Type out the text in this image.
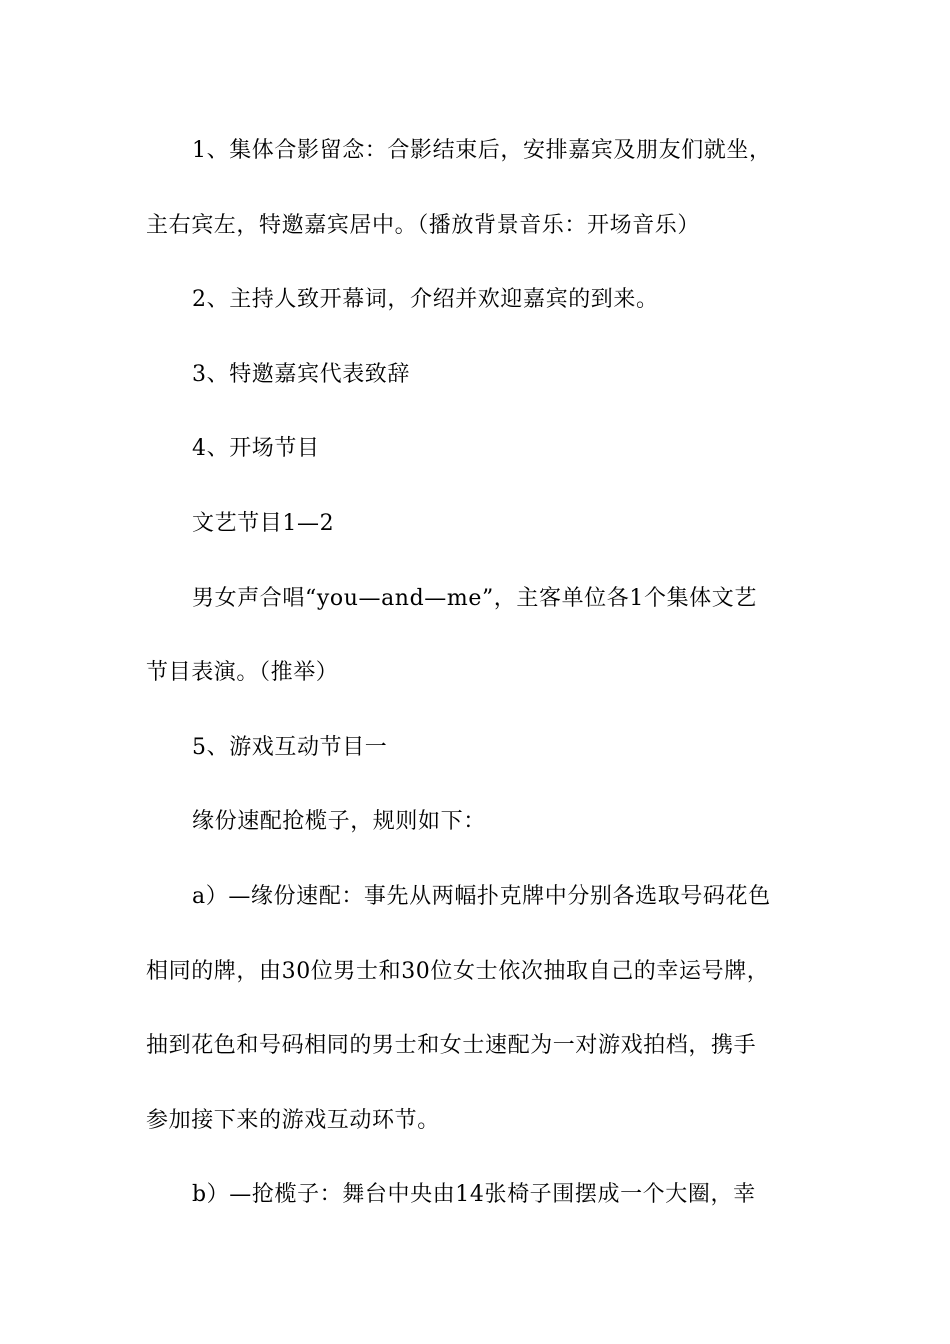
1、集体合影留念：合影结束后，安排嘉宾及朋友们就坐，
主右宾左，特邀嘉宾居中。（播放背景音乐：开场音乐）
2、主持人致开幕词，介绍并欢迎嘉宾的到来。
3、特邀嘉宾代表致辞
4、开场节目
文艺节目1—2
男女声合唱“you—and—me”，主客单位各1个集体文艺
节目表演。（推举）
5、游戏互动节目一
缘份速配抢榄子，规则如下：
a）—缘份速配：事先从两幅扑克牌中分别各选取号码花色
相同的牌，由30位男士和30位女士依次抽取自己的幸运号牌，
抽到花色和号码相同的男士和女士速配为一对游戏拍档，携手
参加接下来的游戏互动环节。
b）—抢榄子：舞台中央由14张椅子围摆成一个大圈，幸
